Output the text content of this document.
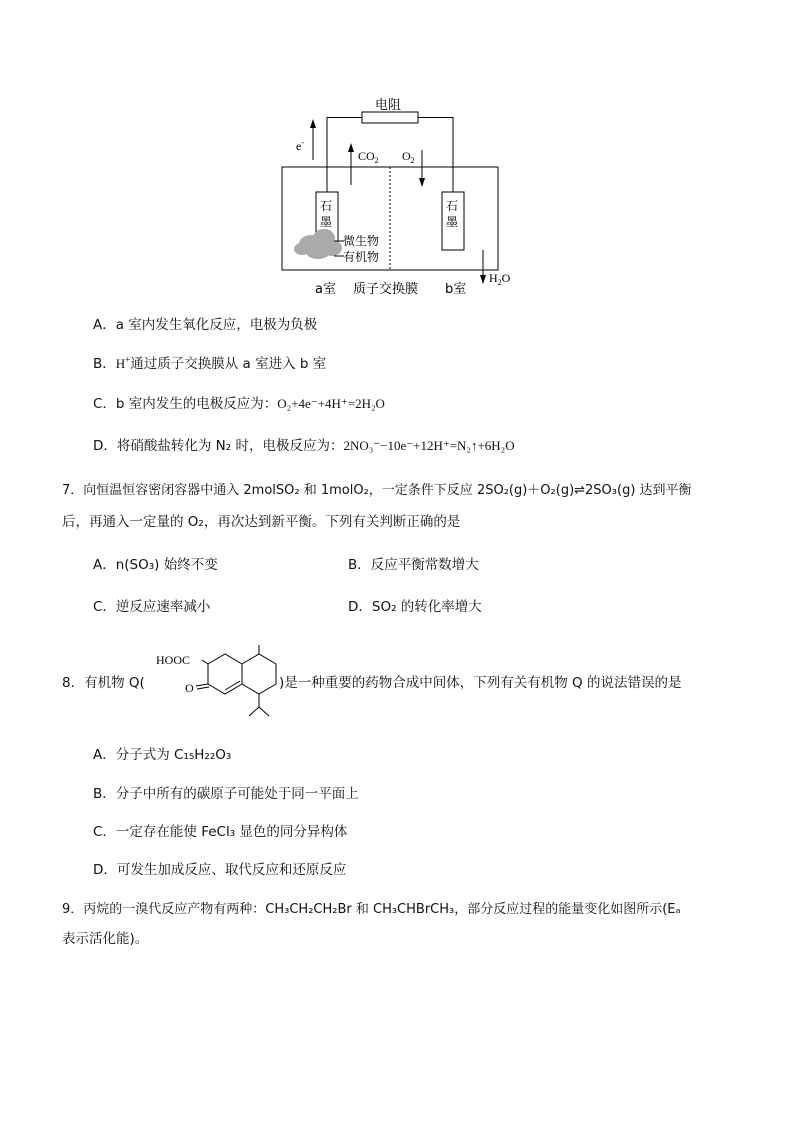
电阻
e-
$CO_2$ $O_2$
石墨
石墨
微生物
有机物
$H_2O$
a室 质子交换膜 b室
A．a 室内发生氧化反应，电极为负极
B．H+通过质子交换膜从 a 室进入 b 室
C．b 室内发生的电极反应为：O₂+4e⁻+4H⁺=2H₂O
D．将硝酸盐转化为 N₂ 时，电极反应为：2NO₃⁻−10e⁻+12H⁺=N₂↑+6H₂O
7．向恒温恒容密闭容器中通入 2molSO₂ 和 1molO₂，一定条件下反应 2SO₂(g)＋O₂(g)⇌2SO₃(g) 达到平衡
后，再通入一定量的 O₂，再次达到新平衡。下列有关判断正确的是
A．n(SO₃) 始终不变	B．反应平衡常数增大
C．逆反应速率减小	D．SO₂ 的转化率增大
8．有机物 Q(
HOOC
O	)是一种重要的药物合成中间体，下列有关有机物 Q 的说法错误的是
A．分子式为 C₁₅H₂₂O₃
B．分子中所有的碳原子可能处于同一平面上
C．一定存在能使 FeCl₃ 显色的同分异构体
D．可发生加成反应、取代反应和还原反应
9．丙烷的一溴代反应产物有两种：CH₃CH₂CH₂Br 和 CH₃CHBrCH₃，部分反应过程的能量变化如图所示(Eₐ
表示活化能)。
